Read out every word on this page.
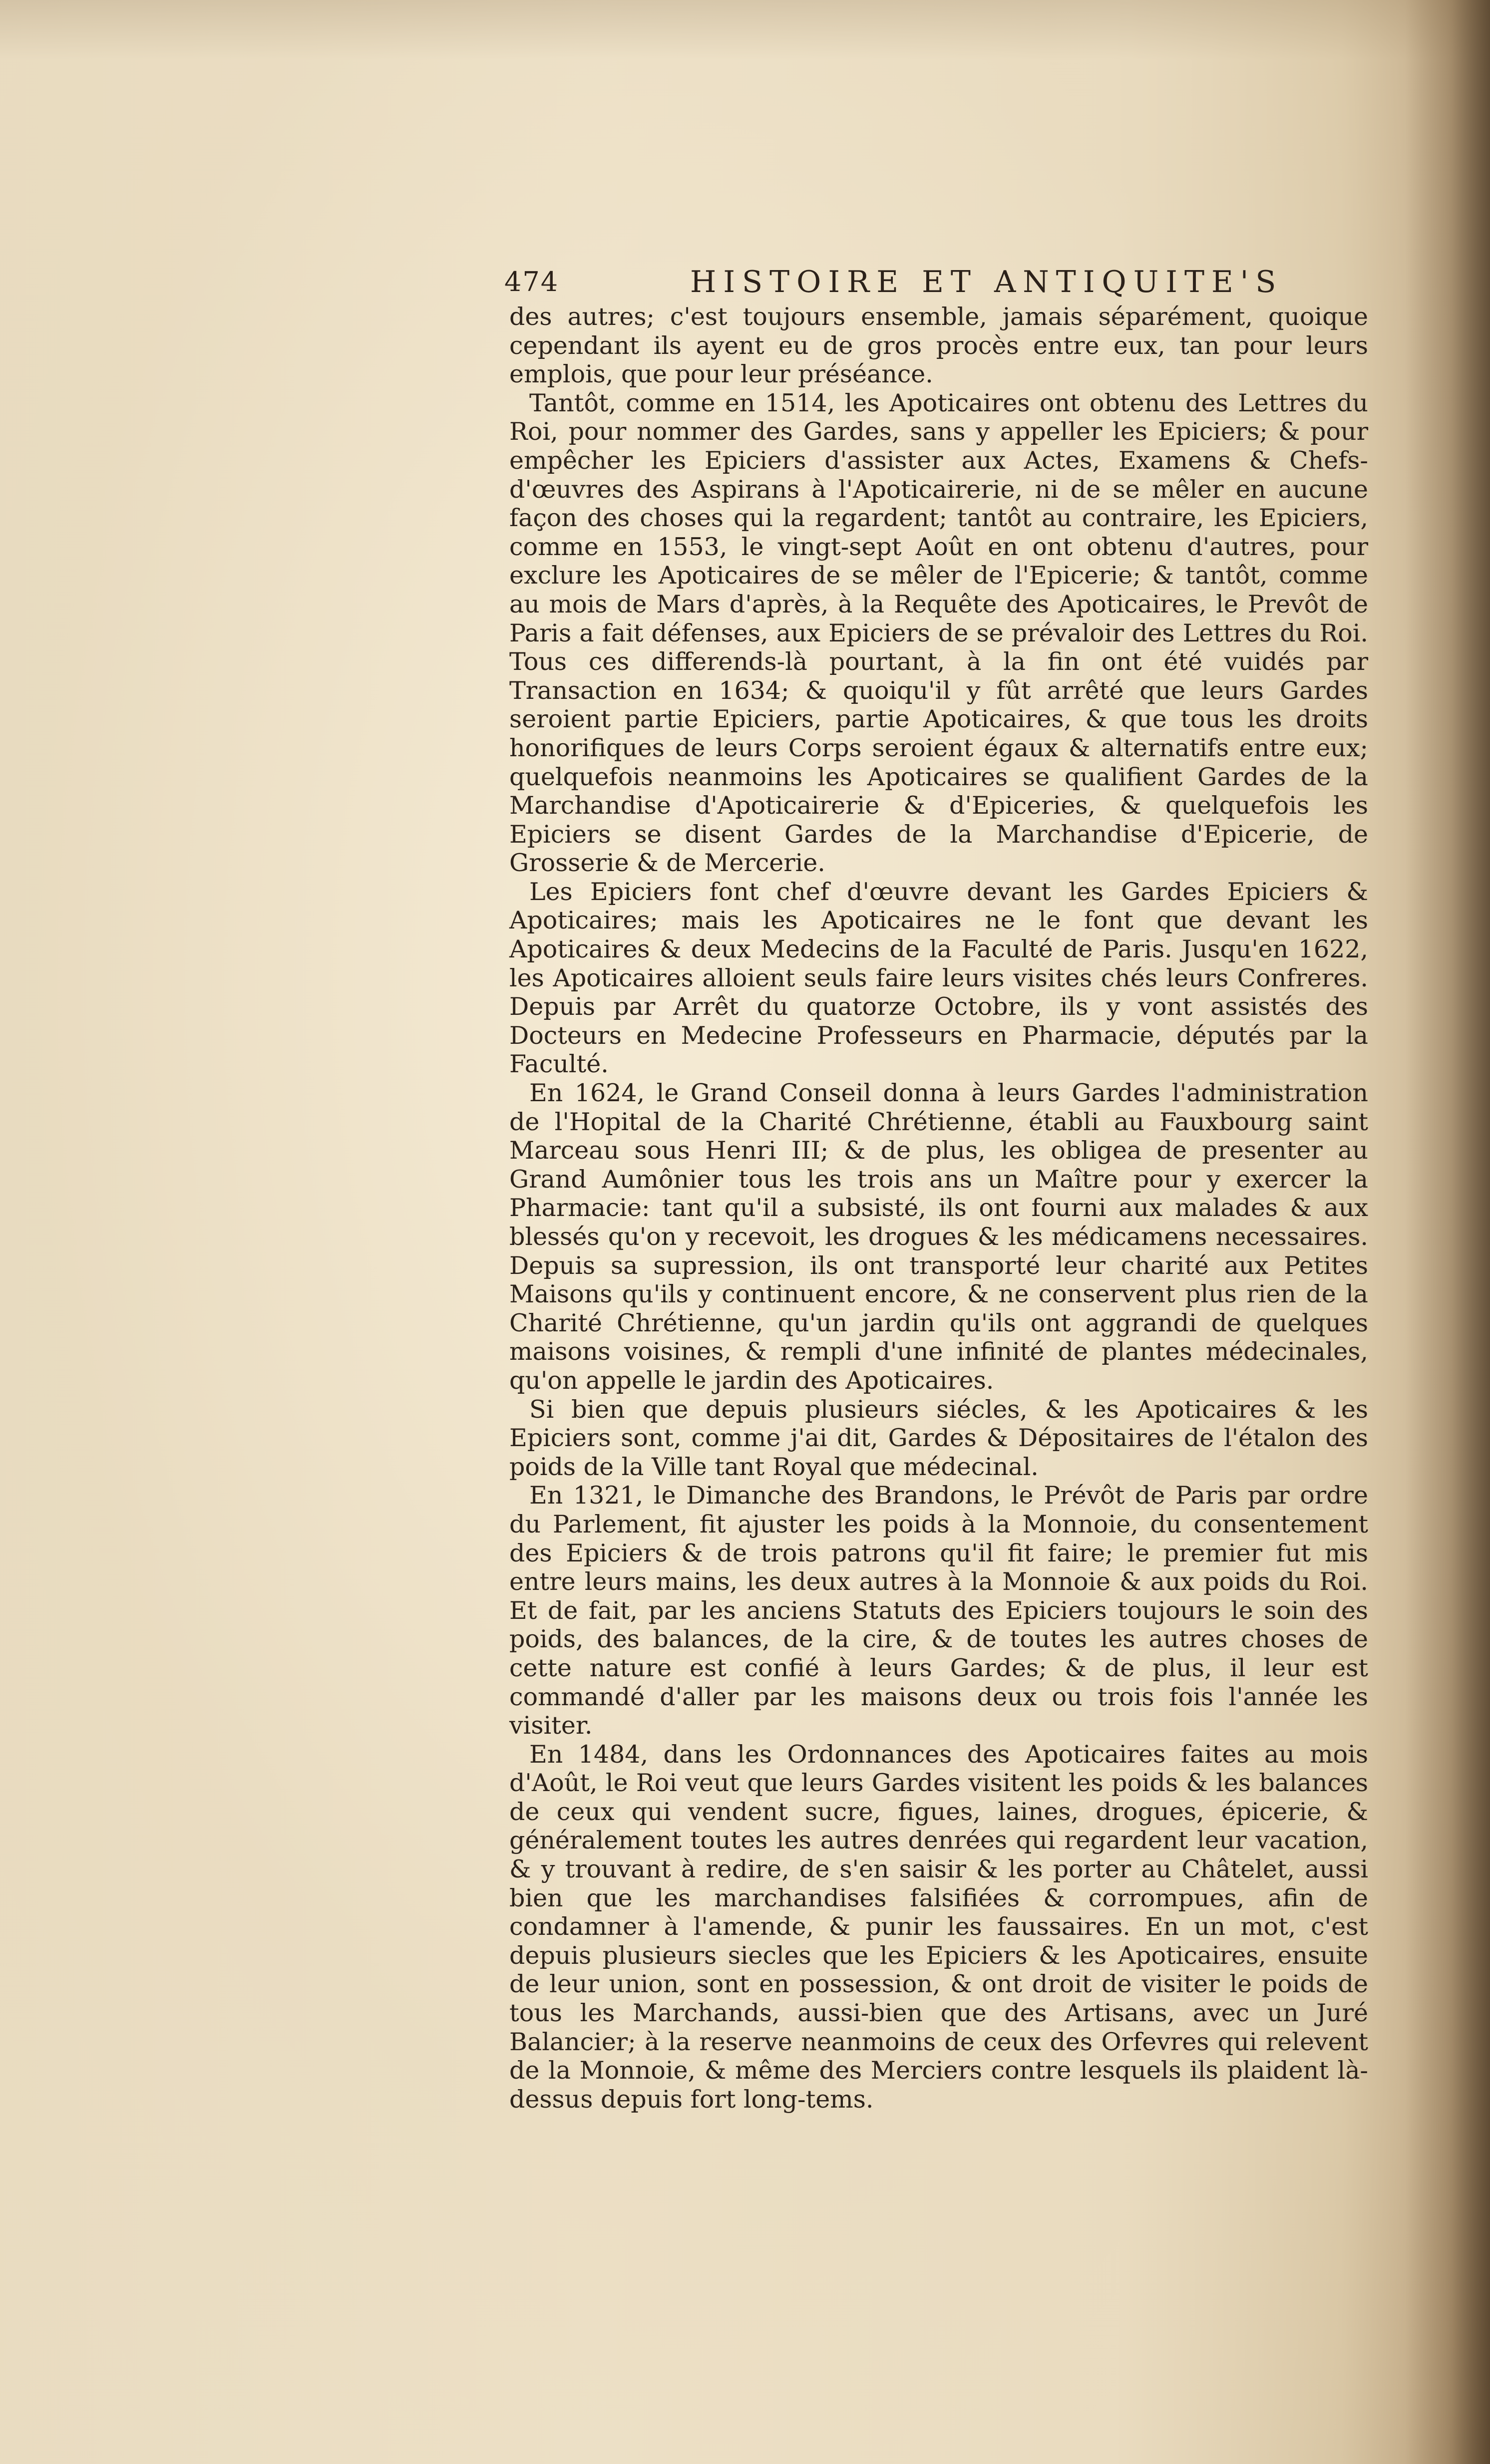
474	HISTOIRE ET ANTIQUITE'S

des autres; c'est toujours ensemble, jamais séparément, quoique cependant ils ayent eu de gros procès entre eux, tan pour leurs emplois, que pour leur préséance.

Tantôt, comme en 1514, les Apoticaires ont obtenu des Lettres du Roi, pour nommer des Gardes, sans y appeller les Epiciers; & pour empêcher les Epiciers d'assister aux Actes, Examens & Chefs-d'œuvres des Aspirans à l'Apoticairerie, ni de se mêler en aucune façon des choses qui la regardent; tantôt au contraire, les Epiciers, comme en 1553, le vingt-sept Août en ont obtenu d'autres, pour exclure les Apoticaires de se mêler de l'Epicerie; & tantôt, comme au mois de Mars d'après, à la Requête des Apoticaires, le Prevôt de Paris a fait défenses, aux Epiciers de se prévaloir des Lettres du Roi. Tous ces differends-là pourtant, à la fin ont été vuidés par Transaction en 1634; & quoiqu'il y fût arrêté que leurs Gardes seroient partie Epiciers, partie Apoticaires, & que tous les droits honorifiques de leurs Corps seroient égaux & alternatifs entre eux; quelquefois neanmoins les Apoticaires se qualifient Gardes de la Marchandise d'Apoticairerie & d'Epiceries, & quelquefois les Epiciers se disent Gardes de la Marchandise d'Epicerie, de Grosserie & de Mercerie.

Les Epiciers font chef d'œuvre devant les Gardes Epiciers & Apoticaires; mais les Apoticaires ne le font que devant les Apoticaires & deux Medecins de la Faculté de Paris. Jusqu'en 1622, les Apoticaires alloient seuls faire leurs visites chés leurs Confreres. Depuis par Arrêt du quatorze Octobre, ils y vont assistés des Docteurs en Medecine Professeurs en Pharmacie, députés par la Faculté.

En 1624, le Grand Conseil donna à leurs Gardes l'administration de l'Hopital de la Charité Chrétienne, établi au Fauxbourg saint Marceau sous Henri III; & de plus, les obligea de presenter au Grand Aumônier tous les trois ans un Maître pour y exercer la Pharmacie: tant qu'il a subsisté, ils ont fourni aux malades & aux blessés qu'on y recevoit, les drogues & les médicamens necessaires. Depuis sa supression, ils ont transporté leur charité aux Petites Maisons qu'ils y continuent encore, & ne conservent plus rien de la Charité Chrétienne, qu'un jardin qu'ils ont aggrandi de quelques maisons voisines, & rempli d'une infinité de plantes médecinales, qu'on appelle le jardin des Apoticaires.

Si bien que depuis plusieurs siécles, & les Apoticaires & les Epiciers sont, comme j'ai dit, Gardes & Dépositaires de l'étalon des poids de la Ville tant Royal que médecinal.

En 1321, le Dimanche des Brandons, le Prévôt de Paris par ordre du Parlement, fit ajuster les poids à la Monnoie, du consentement des Epiciers & de trois patrons qu'il fit faire; le premier fut mis entre leurs mains, les deux autres à la Monnoie & aux poids du Roi. Et de fait, par les anciens Statuts des Epiciers toujours le soin des poids, des balances, de la cire, & de toutes les autres choses de cette nature est confié à leurs Gardes; & de plus, il leur est commandé d'aller par les maisons deux ou trois fois l'année les visiter.

En 1484, dans les Ordonnances des Apoticaires faites au mois d'Août, le Roi veut que leurs Gardes visitent les poids & les balances de ceux qui vendent sucre, figues, laines, drogues, épicerie, & généralement toutes les autres denrées qui regardent leur vacation, & y trouvant à redire, de s'en saisir & les porter au Châtelet, aussi bien que les marchandises falsifiées & corrompues, afin de condamner à l'amende, & punir les faussaires. En un mot, c'est depuis plusieurs siecles que les Epiciers & les Apoticaires, ensuite de leur union, sont en possession, & ont droit de visiter le poids de tous les Marchands, aussi-bien que des Artisans, avec un Juré Balancier; à la reserve neanmoins de ceux des Orfevres qui relevent de la Monnoie, & même des Merciers contre lesquels ils plaident là-dessus depuis fort long-tems.
